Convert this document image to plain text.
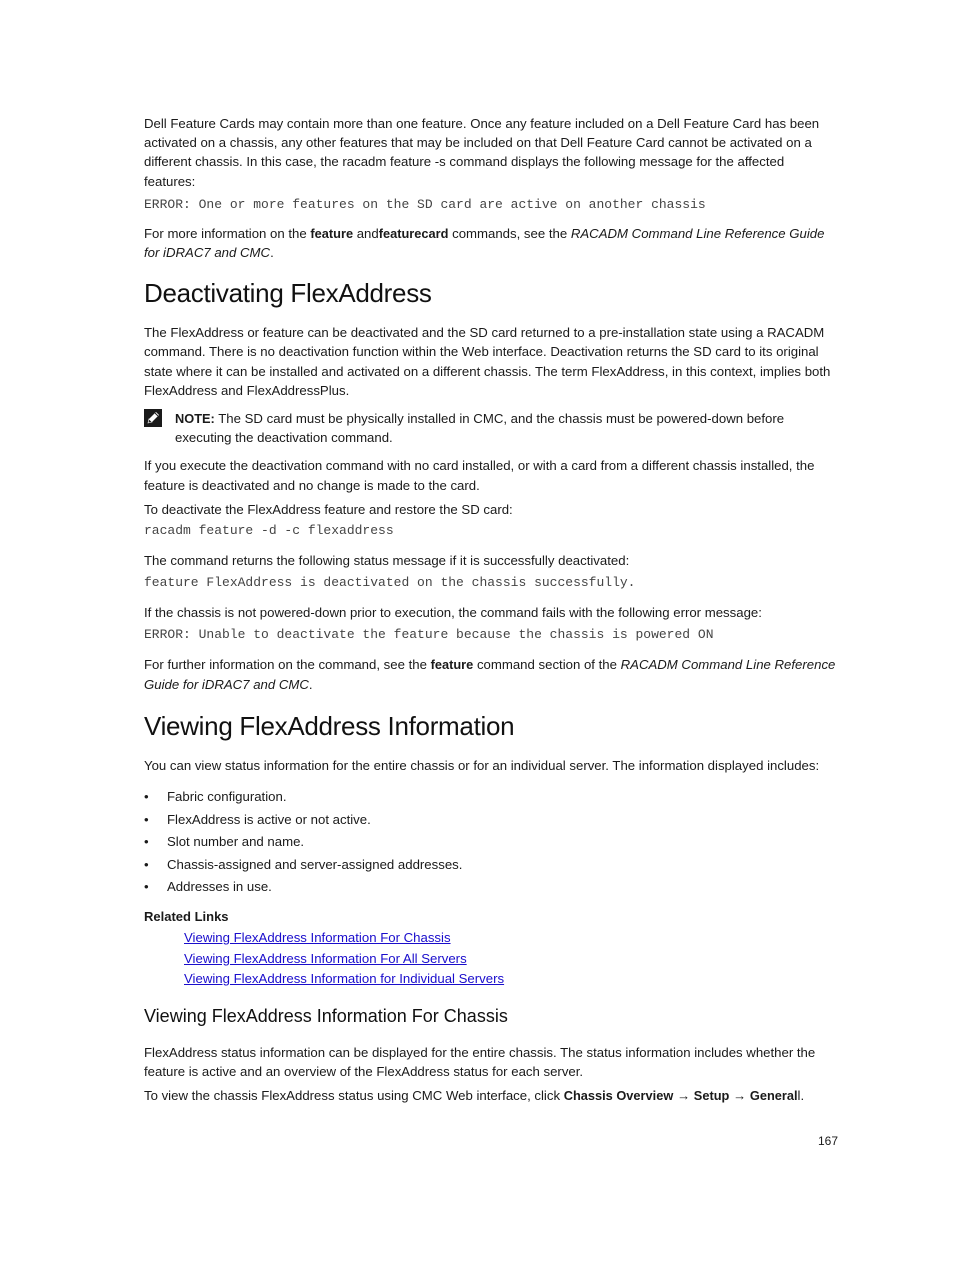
Dell Feature Cards may contain more than one feature. Once any feature included on a Dell Feature Card has been activated on a chassis, any other features that may be included on that Dell Feature Card cannot be activated on a different chassis. In this case, the racadm feature -s command displays the following message for the affected features:

ERROR: One or more features on the SD card are active on another chassis

For more information on the feature andfeaturecard commands, see the RACADM Command Line Reference Guide for iDRAC7 and CMC.

Deactivating FlexAddress

The FlexAddress or feature can be deactivated and the SD card returned to a pre-installation state using a RACADM command. There is no deactivation function within the Web interface. Deactivation returns the SD card to its original state where it can be installed and activated on a different chassis. The term FlexAddress, in this context, implies both FlexAddress and FlexAddressPlus.

NOTE: The SD card must be physically installed in CMC, and the chassis must be powered-down before executing the deactivation command.

If you execute the deactivation command with no card installed, or with a card from a different chassis installed, the feature is deactivated and no change is made to the card.

To deactivate the FlexAddress feature and restore the SD card:

racadm feature -d -c flexaddress

The command returns the following status message if it is successfully deactivated:

feature FlexAddress is deactivated on the chassis successfully.

If the chassis is not powered-down prior to execution, the command fails with the following error message:

ERROR: Unable to deactivate the feature because the chassis is powered ON

For further information on the command, see the feature command section of the RACADM Command Line Reference Guide for iDRAC7 and CMC.

Viewing FlexAddress Information

You can view status information for the entire chassis or for an individual server. The information displayed includes:

• Fabric configuration.
• FlexAddress is active or not active.
• Slot number and name.
• Chassis-assigned and server-assigned addresses.
• Addresses in use.
Related Links
Viewing FlexAddress Information For Chassis
Viewing FlexAddress Information For All Servers
Viewing FlexAddress Information for Individual Servers
Viewing FlexAddress Information For Chassis

FlexAddress status information can be displayed for the entire chassis. The status information includes whether the feature is active and an overview of the FlexAddress status for each server.

To view the chassis FlexAddress status using CMC Web interface, click Chassis Overview → Setup → Generall.

167
